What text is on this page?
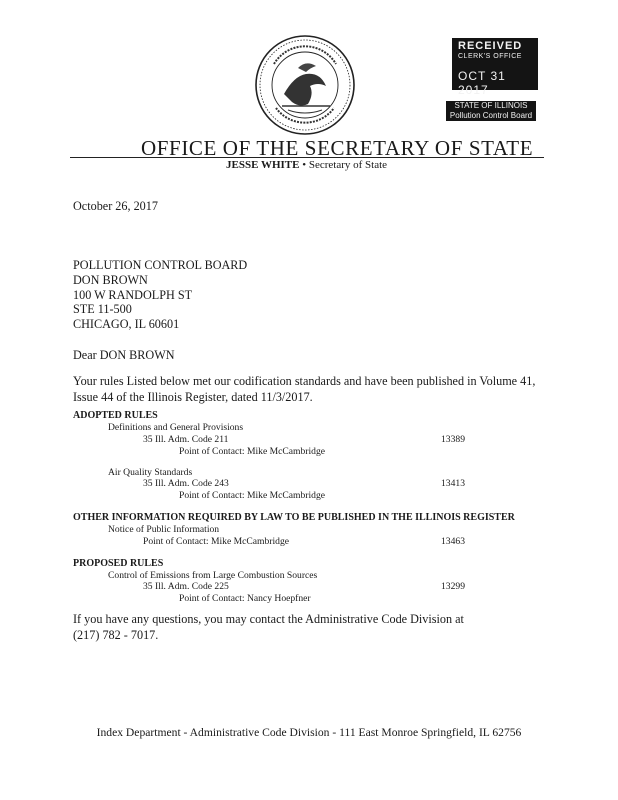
RECEIVED
CLERK'S OFFICE
OCT 31 2017
STATE OF ILLINOIS
Pollution Control Board
OFFICE OF THE SECRETARY OF STATE
JESSE WHITE • Secretary of State
October 26, 2017
POLLUTION CONTROL BOARD
DON BROWN
100 W RANDOLPH ST
STE 11-500
CHICAGO, IL 60601
Dear DON BROWN
Your rules Listed below met our codification standards and have been published in Volume 41, Issue 44 of the Illinois Register, dated 11/3/2017.
ADOPTED RULES
Definitions and General Provisions
35 Ill. Adm. Code 211	13389
Point of Contact: Mike McCambridge
Air Quality Standards
35 Ill. Adm. Code 243	13413
Point of Contact: Mike McCambridge
OTHER INFORMATION REQUIRED BY LAW TO BE PUBLISHED IN THE ILLINOIS REGISTER
Notice of Public Information
Point of Contact: Mike McCambridge	13463
PROPOSED RULES
Control of Emissions from Large Combustion Sources
35 Ill. Adm. Code 225	13299
Point of Contact: Nancy Hoepfner
If you have any questions, you may contact the Administrative Code Division at
(217) 782 - 7017.
Index Department - Administrative Code Division - 111 East Monroe Springfield, IL 62756
